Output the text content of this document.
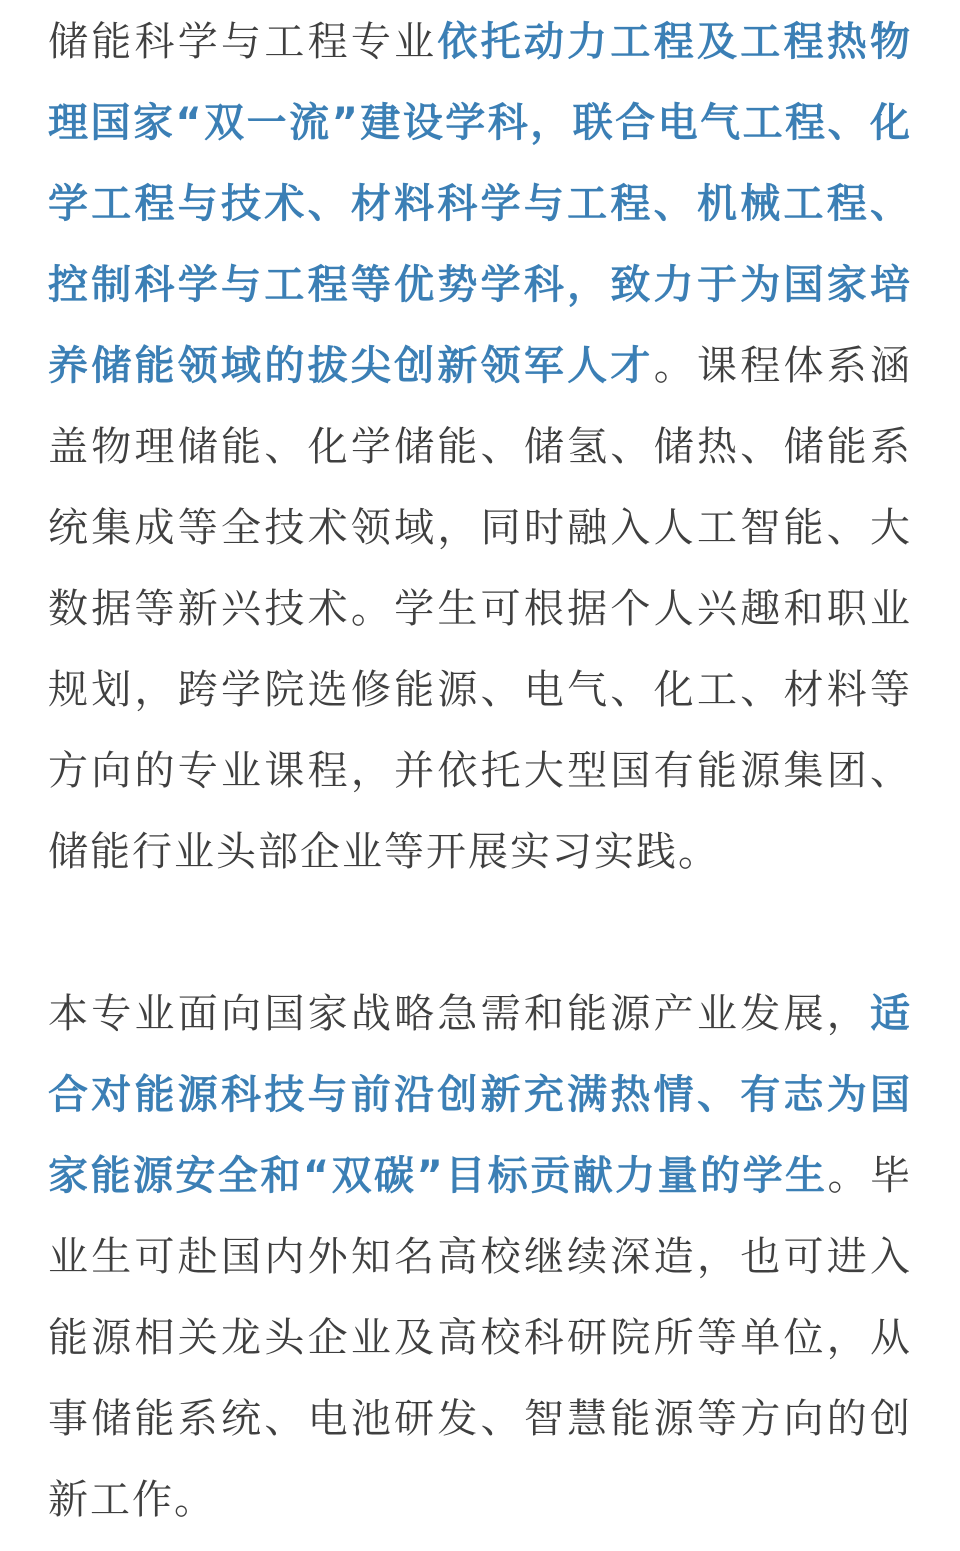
储能科学与工程专业依托动力工程及工程热物理国家“双一流”建设学科，联合电气工程、化学工程与技术、材料科学与工程、机械工程、控制科学与工程等优势学科，致力于为国家培养储能领域的拔尖创新领军人才。课程体系涵盖物理储能、化学储能、储氢、储热、储能系统集成等全技术领域，同时融入人工智能、大数据等新兴技术。学生可根据个人兴趣和职业规划，跨学院选修能源、电气、化工、材料等方向的专业课程，并依托大型国有能源集团、储能行业头部企业等开展实习实践。

本专业面向国家战略急需和能源产业发展，适合对能源科技与前沿创新充满热情、有志为国家能源安全和“双碳”目标贡献力量的学生。毕业生可赴国内外知名高校继续深造，也可进入能源相关龙头企业及高校科研院所等单位，从事储能系统、电池研发、智慧能源等方向的创新工作。
